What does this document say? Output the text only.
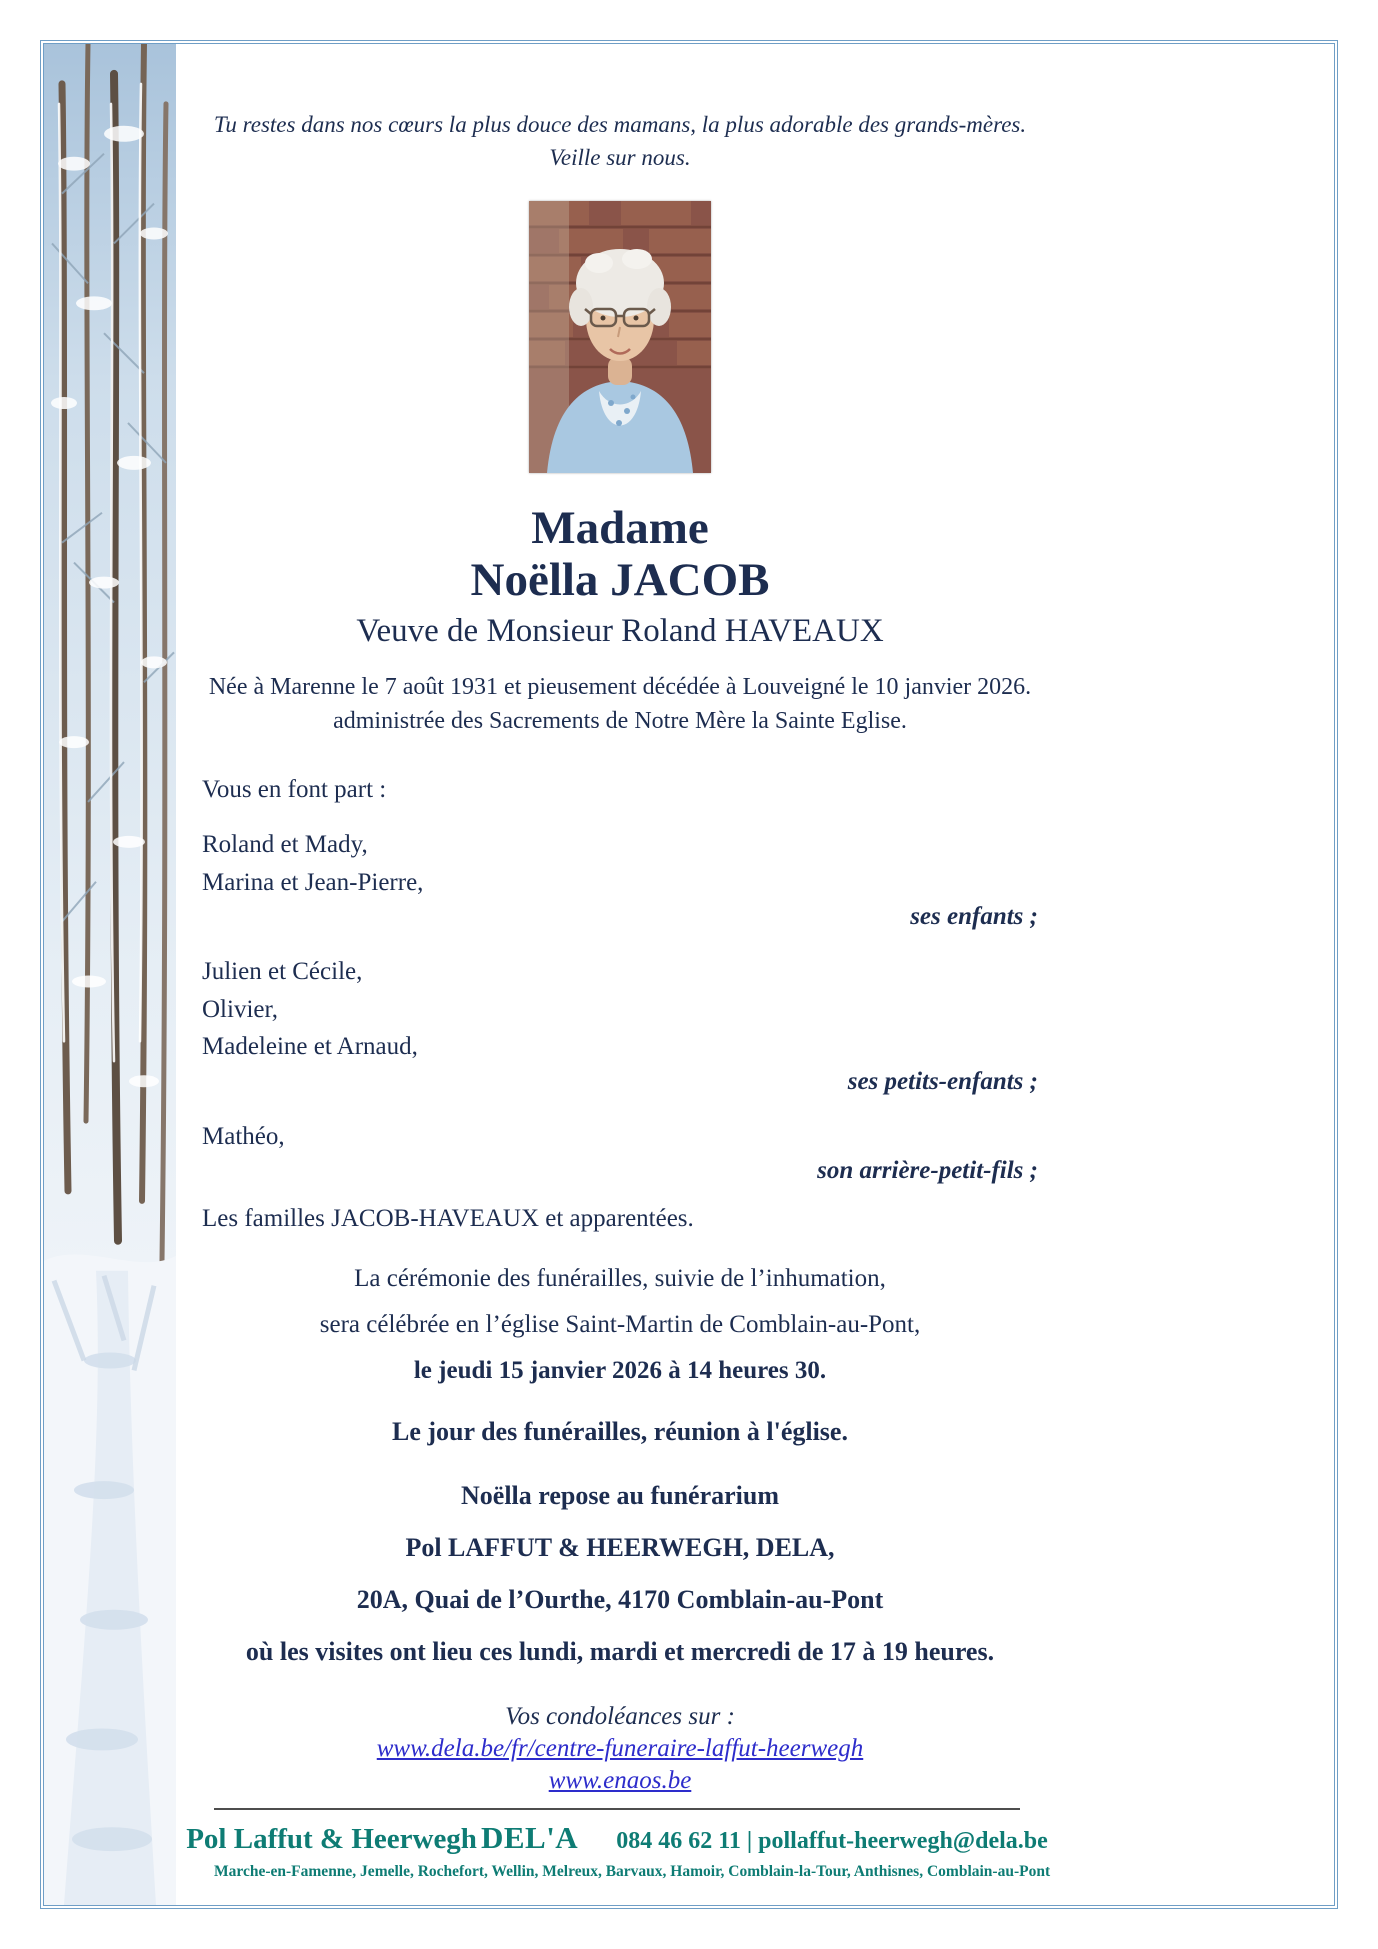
Tu restes dans nos cœurs la plus douce des mamans, la plus adorable des grands-mères.
Veille sur nous.

Madame
Noëlla JACOB
Veuve de Monsieur Roland HAVEAUX

Née à Marenne le 7 août 1931 et pieusement décédée à Louveigné le 10 janvier 2026.
administrée des Sacrements de Notre Mère la Sainte Eglise.

Vous en font part :

Roland et Mady,
Marina et Jean-Pierre,

ses enfants ;

Julien et Cécile,
Olivier,
Madeleine et Arnaud,

ses petits-enfants ;

Mathéo,

son arrière-petit-fils ;

Les familles JACOB-HAVEAUX et apparentées.

La cérémonie des funérailles, suivie de l’inhumation,

sera célébrée en l’église Saint-Martin de Comblain-au-Pont,

le jeudi 15 janvier 2026 à 14 heures 30.

Le jour des funérailles, réunion à l'église.

Noëlla repose au funérarium

Pol LAFFUT & HEERWEGH, DELA,

20A, Quai de l’Ourthe, 4170 Comblain-au-Pont

où les visites ont lieu ces lundi, mardi et mercredi de 17 à 19 heures.

Vos condoléances sur :

www.dela.be/fr/centre-funeraire-laffut-heerwegh

www.enaos.be

Pol Laffut & Heerwegh DEL'A 084 46 62 11 | pollaffut-heerwegh@dela.be
Marche-en-Famenne, Jemelle, Rochefort, Wellin, Melreux, Barvaux, Hamoir, Comblain-la-Tour, Anthisnes, Comblain-au-Pont
